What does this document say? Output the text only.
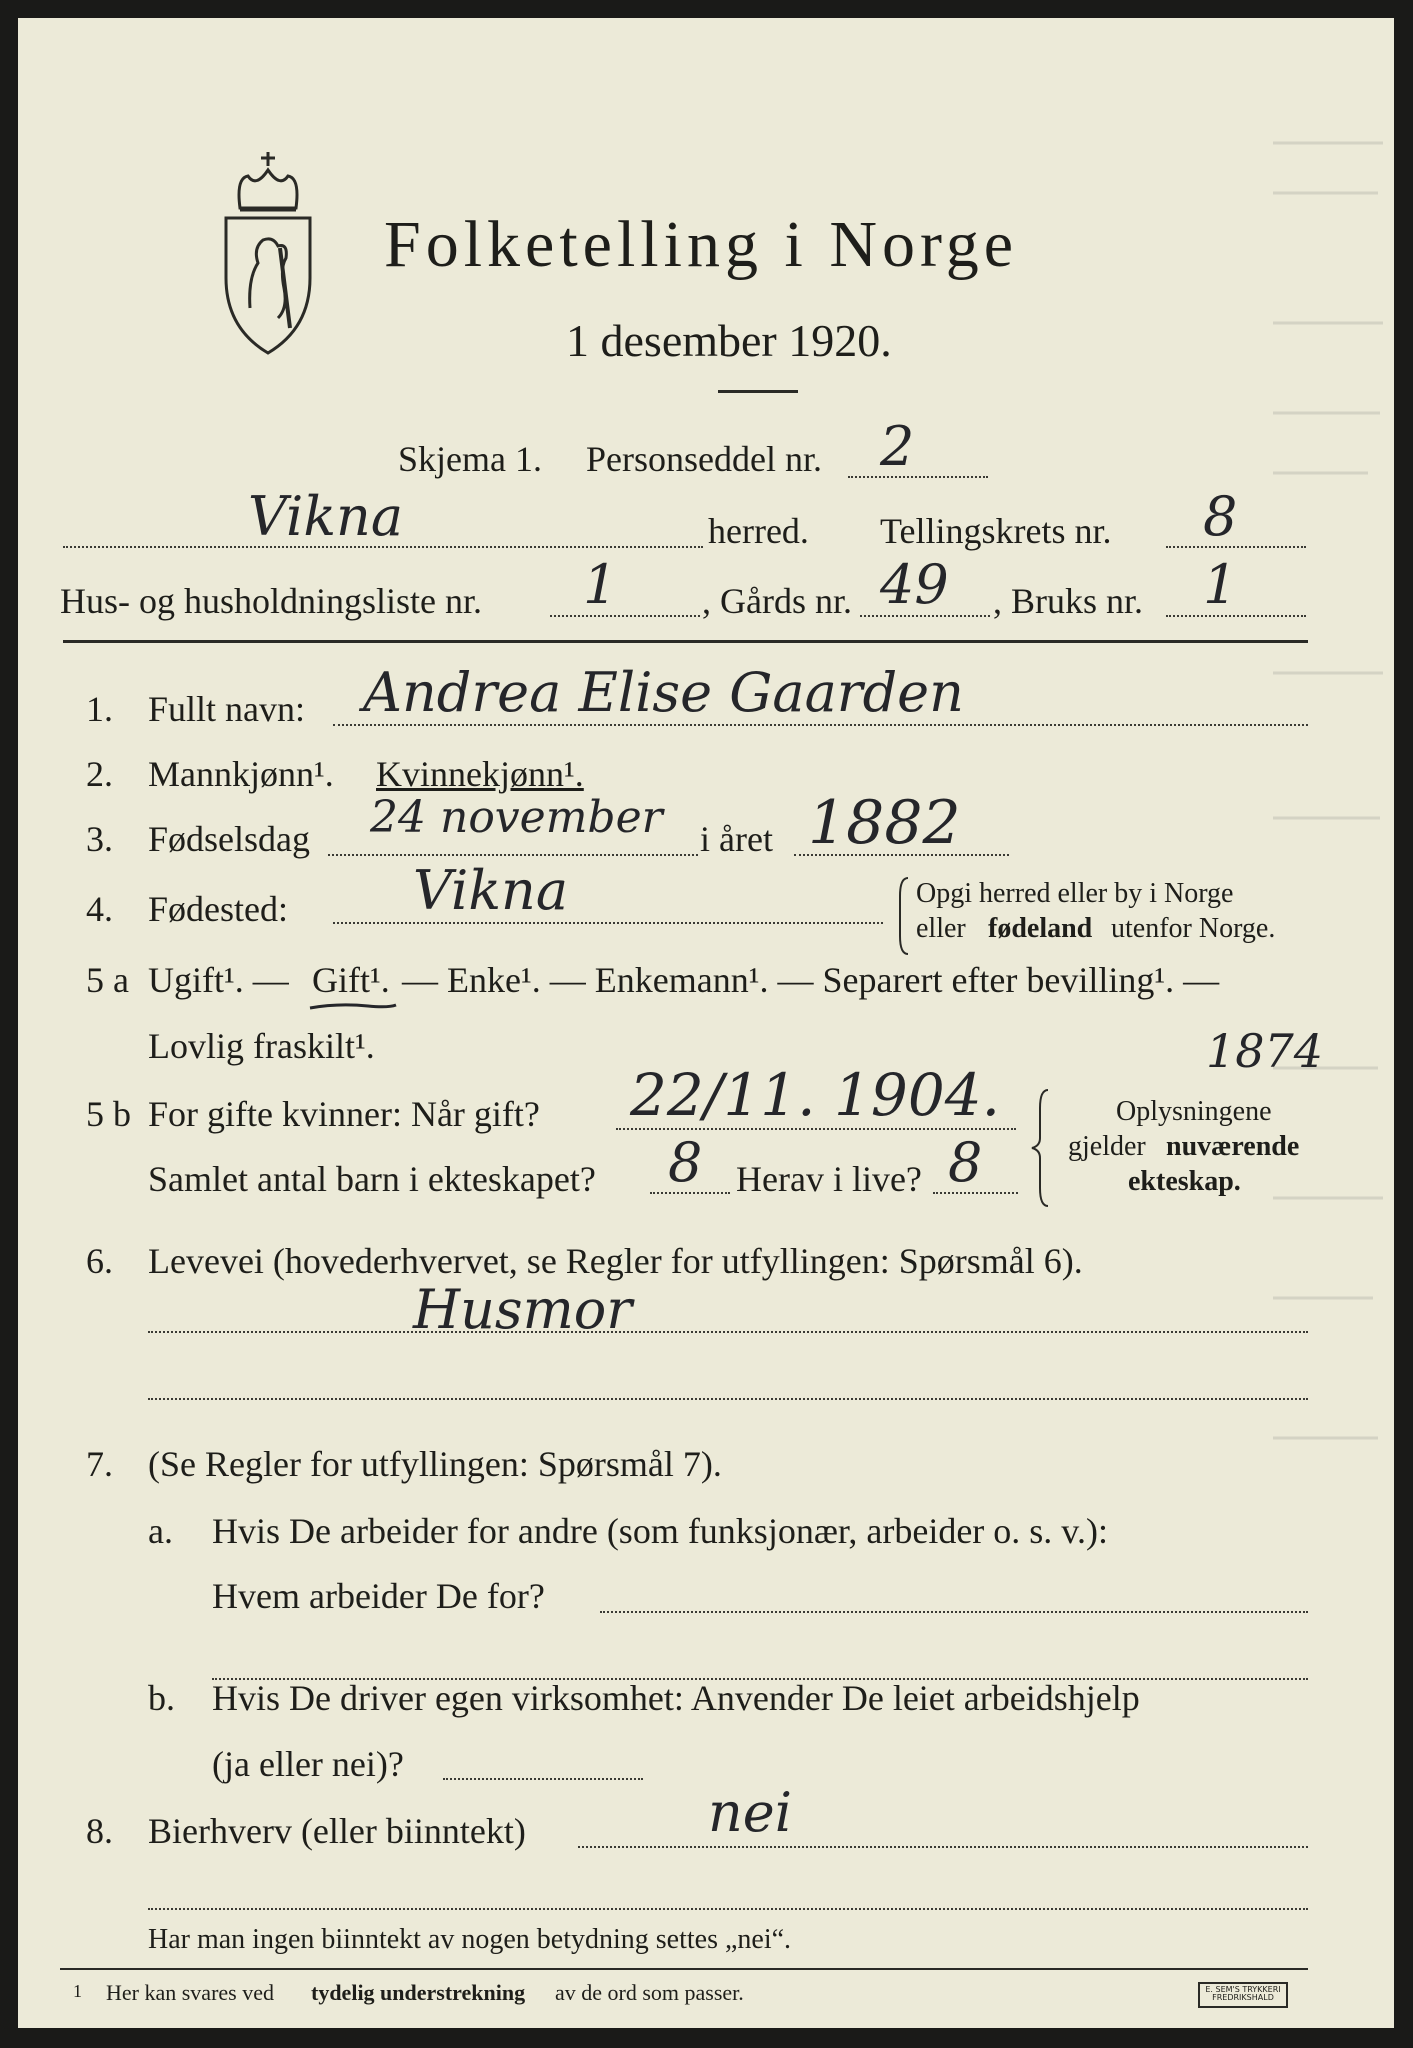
Folketelling i Norge
1 desember 1920.
Skjema 1. Personseddel nr. 2
Vikna	herred. Tellingskrets nr. 8
Hus- og husholdningsliste nr. 1 , Gårds nr. 49 , Bruks nr. 1
1. Fullt navn: Andrea Elise Gaarden
2. Mannkjønn¹. Kvinnekjønn¹.
3. Fødselsdag 24 november i året 1882
4. Fødested: Vikna	Opgi herred eller by i Norge
eller fødeland utenfor Norge.
5 a Ugift¹. — Gift¹. — Enke¹. — Enkemann¹. — Separert efter bevilling¹. —
Lovlig fraskilt¹.	1874
5 b For gifte kvinner: Når gift? 22/11. 1904.
Samlet antal barn i ekteskapet? 8 Herav i live? 8
Oplysningene
gjelder nuværende
ekteskap.
6. Levevei (hovederhvervet, se Regler for utfyllingen: Spørsmål 6).
Husmor
7. (Se Regler for utfyllingen: Spørsmål 7).
a. Hvis De arbeider for andre (som funksjonær, arbeider o. s. v.):
Hvem arbeider De for?
b. Hvis De driver egen virksomhet: Anvender De leiet arbeidshjelp
(ja eller nei)?
8. Bierhverv (eller biinntekt)	nei
Har man ingen biinntekt av nogen betydning settes „nei“.
1 Her kan svares ved tydelig understrekning av de ord som passer.	E. SEM'S TRYKKERI
FREDRIKSHALD
